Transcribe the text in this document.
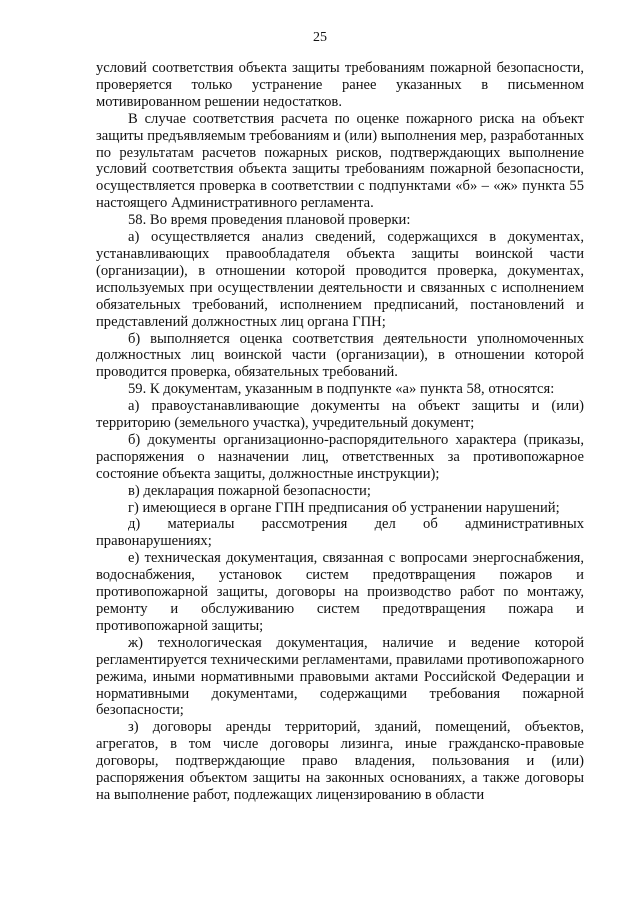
25

условий соответствия объекта защиты требованиям пожарной безопасности, проверяется только устранение ранее указанных в письменном мотивированном решении недостатков.

В случае соответствия расчета по оценке пожарного риска на объект защиты предъявляемым требованиям и (или) выполнения мер, разработанных по результатам расчетов пожарных рисков, подтверждающих выполнение условий соответствия объекта защиты требованиям пожарной безопасности, осуществляется проверка в соответствии с подпунктами «б» – «ж» пункта 55 настоящего Административного регламента.

58. Во время проведения плановой проверки:

а) осуществляется анализ сведений, содержащихся в документах, устанавливающих правообладателя объекта защиты воинской части (организации), в отношении которой проводится проверка, документах, используемых при осуществлении деятельности и связанных с исполнением обязательных требований, исполнением предписаний, постановлений и представлений должностных лиц органа ГПН;

б) выполняется оценка соответствия деятельности уполномоченных должностных лиц воинской части (организации), в отношении которой проводится проверка, обязательных требований.

59. К документам, указанным в подпункте «а» пункта 58, относятся:

а) правоустанавливающие документы на объект защиты и (или) территорию (земельного участка), учредительный документ;

б) документы организационно-распорядительного характера (приказы, распоряжения о назначении лиц, ответственных за противопожарное состояние объекта защиты, должностные инструкции);

в) декларация пожарной безопасности;

г) имеющиеся в органе ГПН предписания об устранении нарушений;

д) материалы рассмотрения дел об административных правонарушениях;

е) техническая документация, связанная с вопросами энергоснабжения, водоснабжения, установок систем предотвращения пожаров и противопожарной защиты, договоры на производство работ по монтажу, ремонту и обслуживанию систем предотвращения пожара и противопожарной защиты;

ж) технологическая документация, наличие и ведение которой регламентируется техническими регламентами, правилами противопожарного режима, иными нормативными правовыми актами Российской Федерации и нормативными документами, содержащими требования пожарной безопасности;

з) договоры аренды территорий, зданий, помещений, объектов, агрегатов, в том числе договоры лизинга, иные гражданско-правовые договоры, подтверждающие право владения, пользования и (или) распоряжения объектом защиты на законных основаниях, а также договоры на выполнение работ, подлежащих лицензированию в области
